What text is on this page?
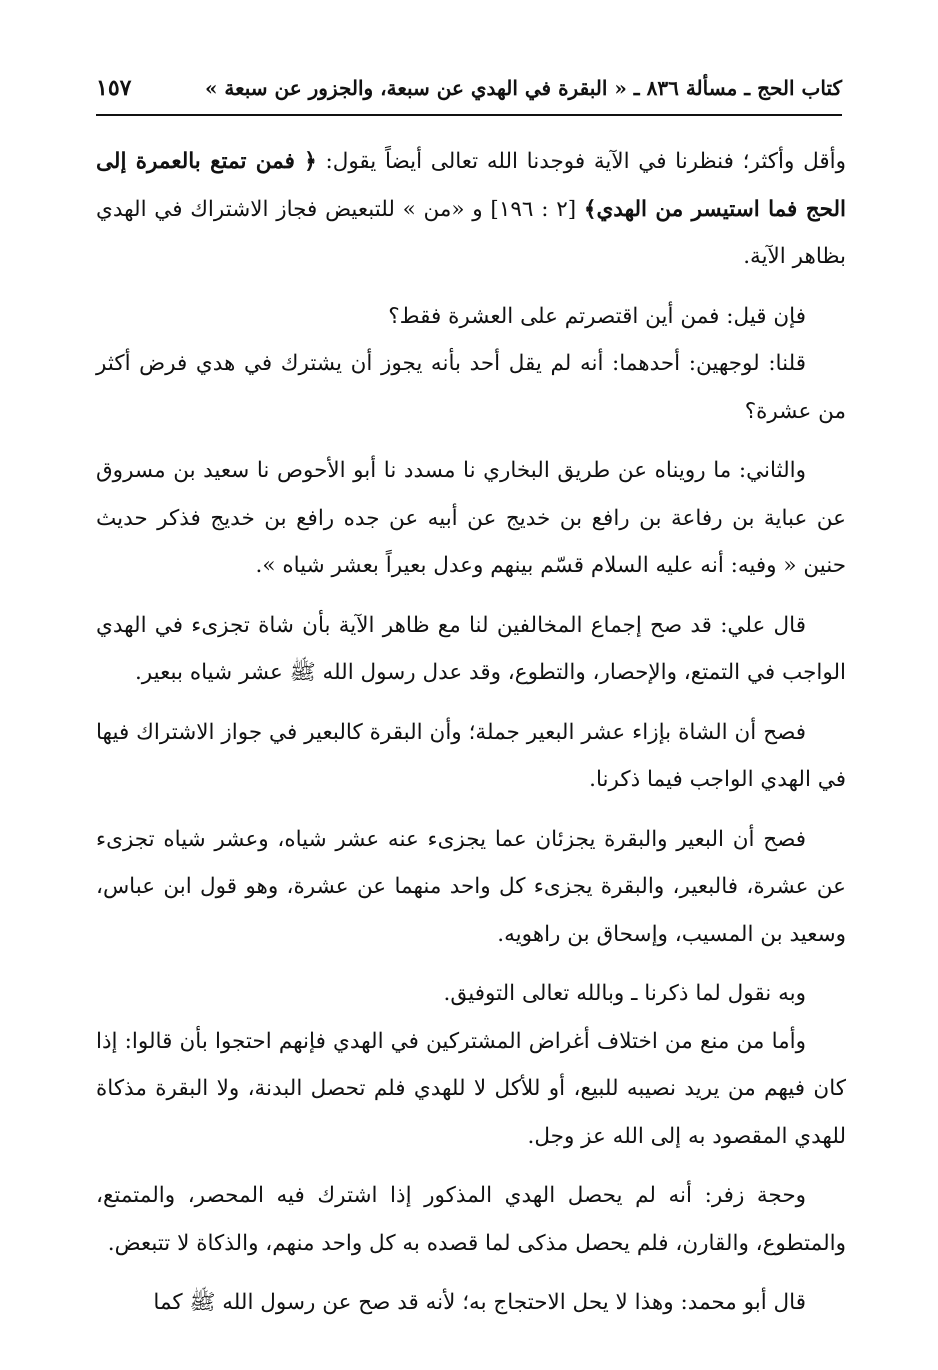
كتاب الحج ـ مسألة ٨٣٦ ـ « البقرة في الهدي عن سبعة، والجزور عن سبعة »
١٥٧

وأقل وأكثر؛ فنظرنا في الآية فوجدنا الله تعالى أيضاً يقول: ﴿ فمن تمتع بالعمرة إلى الحج فما استيسر من الهدي﴾ [٢ : ١٩٦] و «من » للتبعيض فجاز الاشتراك في الهدي بظاهر الآية.

فإن قيل: فمن أين اقتصرتم على العشرة فقط؟

قلنا: لوجهين: أحدهما: أنه لم يقل أحد بأنه يجوز أن يشترك في هدي فرض أكثر من عشرة؟

والثاني: ما رويناه عن طريق البخاري نا مسدد نا أبو الأحوص نا سعيد بن مسروق عن عباية بن رفاعة بن رافع بن خديج عن أبيه عن جده رافع بن خديج فذكر حديث حنين « وفيه: أنه عليه السلام قسّم بينهم وعدل بعيراً بعشر شياه ».

قال علي: قد صح إجماع المخالفين لنا مع ظاهر الآية بأن شاة تجزىء في الهدي الواجب في التمتع، والإحصار، والتطوع، وقد عدل رسول الله ﷺ عشر شياه ببعير.

فصح أن الشاة بإزاء عشر البعير جملة؛ وأن البقرة كالبعير في جواز الاشتراك فيها في الهدي الواجب فيما ذكرنا.

فصح أن البعير والبقرة يجزئان عما يجزىء عنه عشر شياه، وعشر شياه تجزىء عن عشرة، فالبعير، والبقرة يجزىء كل واحد منهما عن عشرة، وهو قول ابن عباس، وسعيد بن المسيب، وإسحاق بن راهويه.

وبه نقول لما ذكرنا ـ وبالله تعالى التوفيق.

وأما من منع من اختلاف أغراض المشتركين في الهدي فإنهم احتجوا بأن قالوا: إذا كان فيهم من يريد نصيبه للبيع، أو للأكل لا للهدي فلم تحصل البدنة، ولا البقرة مذكاة للهدي المقصود به إلى الله عز وجل.

وحجة زفر: أنه لم يحصل الهدي المذكور إذا اشترك فيه المحصر، والمتمتع، والمتطوع، والقارن، فلم يحصل مذكى لما قصده به كل واحد منهم، والذكاة لا تتبعض.

قال أبو محمد: وهذا لا يحل الاحتجاج به؛ لأنه قد صح عن رسول الله ﷺ كما
